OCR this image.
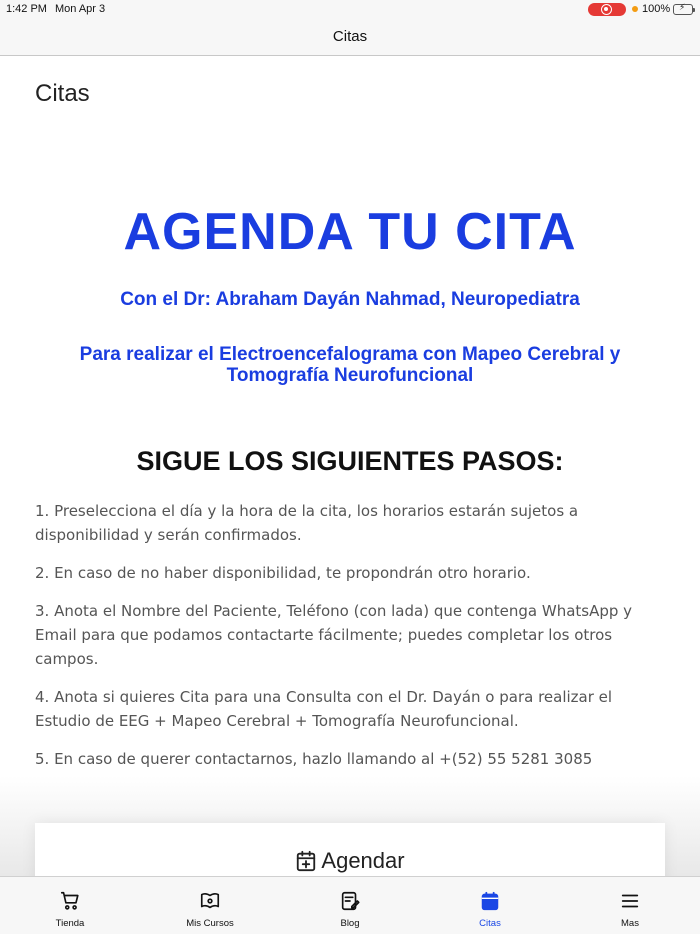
1:42 PM Mon Apr 3	100%
Citas
Citas
AGENDA TU CITA
Con el Dr: Abraham Dayán Nahmad, Neuropediatra
Para realizar el Electroencefalograma con Mapeo Cerebral y Tomografía Neurofuncional
SIGUE LOS SIGUIENTES PASOS:

1. Preselecciona el día y la hora de la cita, los horarios estarán sujetos a disponibilidad y serán confirmados.

2. En caso de no haber disponibilidad, te propondrán otro horario.

3. Anota el Nombre del Paciente, Teléfono (con lada) que contenga WhatsApp y Email para que podamos contactarte fácilmente; puedes completar los otros campos.

4. Anota si quieres Cita para una Consulta con el Dr. Dayán o para realizar el Estudio de EEG + Mapeo Cerebral + Tomografía Neurofuncional.

5. En caso de querer contactarnos, hazlo llamando al +(52) 55 5281 3085

Agendar
Tienda	Mis Cursos	Blog	Citas	Mas
